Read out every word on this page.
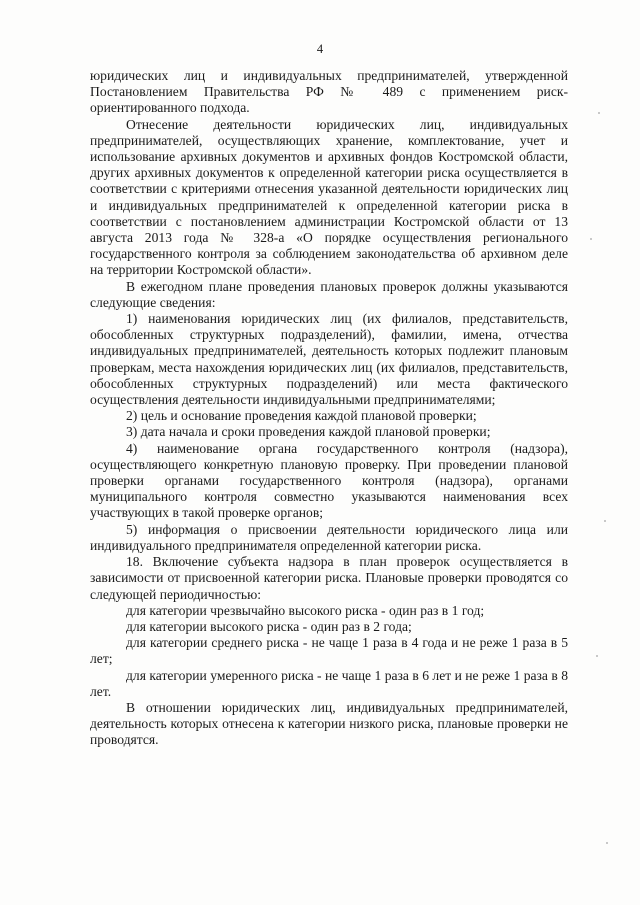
4

юридических лиц и индивидуальных предпринимателей, утвержденной Постановлением Правительства РФ № 489 с применением риск-ориентированного подхода.

Отнесение деятельности юридических лиц, индивидуальных предпринимателей, осуществляющих хранение, комплектование, учет и использование архивных документов и архивных фондов Костромской области, других архивных документов к определенной категории риска осуществляется в соответствии с критериями отнесения указанной деятельности юридических лиц и индивидуальных предпринимателей к определенной категории риска в соответствии с постановлением администрации Костромской области от 13 августа 2013 года № 328-а «О порядке осуществления регионального государственного контроля за соблюдением законодательства об архивном деле на территории Костромской области».

В ежегодном плане проведения плановых проверок должны указываются следующие сведения:

1) наименования юридических лиц (их филиалов, представительств, обособленных структурных подразделений), фамилии, имена, отчества индивидуальных предпринимателей, деятельность которых подлежит плановым проверкам, места нахождения юридических лиц (их филиалов, представительств, обособленных структурных подразделений) или места фактического осуществления деятельности индивидуальными предпринимателями;

2) цель и основание проведения каждой плановой проверки;

3) дата начала и сроки проведения каждой плановой проверки;

4) наименование органа государственного контроля (надзора), осуществляющего конкретную плановую проверку. При проведении плановой проверки органами государственного контроля (надзора), органами муниципального контроля совместно указываются наименования всех участвующих в такой проверке органов;

5) информация о присвоении деятельности юридического лица или индивидуального предпринимателя определенной категории риска.

18. Включение субъекта надзора в план проверок осуществляется в зависимости от присвоенной категории риска. Плановые проверки проводятся со следующей периодичностью:

для категории чрезвычайно высокого риска - один раз в 1 год;

для категории высокого риска - один раз в 2 года;

для категории среднего риска - не чаще 1 раза в 4 года и не реже 1 раза в 5 лет;

для категории умеренного риска - не чаще 1 раза в 6 лет и не реже 1 раза в 8 лет.

В отношении юридических лиц, индивидуальных предпринимателей, деятельность которых отнесена к категории низкого риска, плановые проверки не проводятся.
